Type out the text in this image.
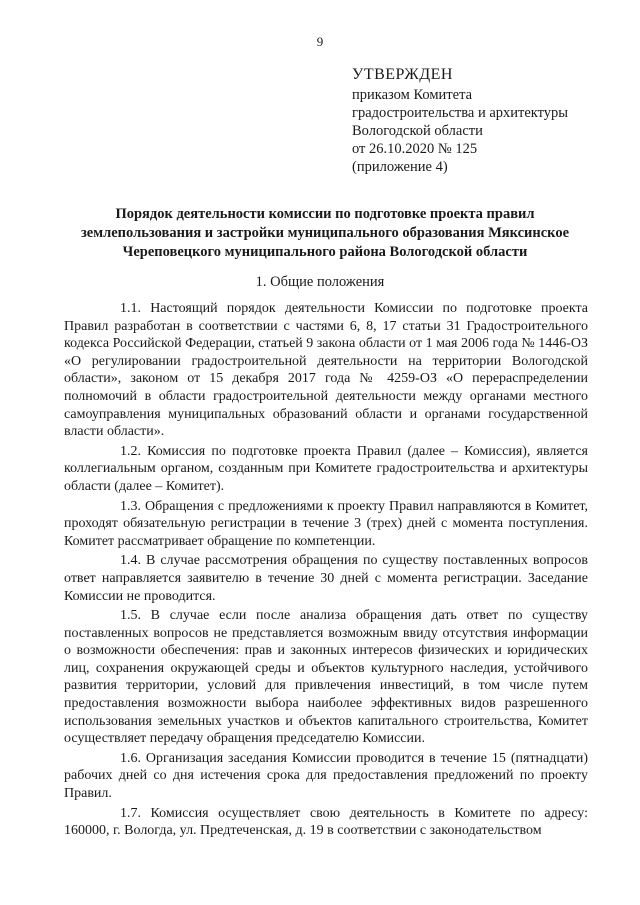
9
УТВЕРЖДЕН
приказом Комитета
градостроительства и архитектуры
Вологодской области
от 26.10.2020 № 125
(приложение 4)
Порядок деятельности комиссии по подготовке проекта правил
землепользования и застройки муниципального образования Мяксинское
Череповецкого муниципального района Вологодской области
1. Общие положения

1.1. Настоящий порядок деятельности Комиссии по подготовке проекта Правил разработан в соответствии с частями 6, 8, 17 статьи 31 Градостроительного кодекса Российской Федерации, статьей 9 закона области от 1 мая 2006 года № 1446-ОЗ «О регулировании градостроительной деятельности на территории Вологодской области», законом от 15 декабря 2017 года № 4259-ОЗ «О перераспределении полномочий в области градостроительной деятельности между органами местного самоуправления муниципальных образований области и органами государственной власти области».

1.2. Комиссия по подготовке проекта Правил (далее – Комиссия), является коллегиальным органом, созданным при Комитете градостроительства и архитектуры области (далее – Комитет).

1.3. Обращения с предложениями к проекту Правил направляются в Комитет, проходят обязательную регистрации в течение 3 (трех) дней с момента поступления. Комитет рассматривает обращение по компетенции.

1.4. В случае рассмотрения обращения по существу поставленных вопросов ответ направляется заявителю в течение 30 дней с момента регистрации. Заседание Комиссии не проводится.

1.5. В случае если после анализа обращения дать ответ по существу поставленных вопросов не представляется возможным ввиду отсутствия информации о возможности обеспечения: прав и законных интересов физических и юридических лиц, сохранения окружающей среды и объектов культурного наследия, устойчивого развития территории, условий для привлечения инвестиций, в том числе путем предоставления возможности выбора наиболее эффективных видов разрешенного использования земельных участков и объектов капитального строительства, Комитет осуществляет передачу обращения председателю Комиссии.

1.6. Организация заседания Комиссии проводится в течение 15 (пятнадцати) рабочих дней со дня истечения срока для предоставления предложений по проекту Правил.

1.7. Комиссия осуществляет свою деятельность в Комитете по адресу: 160000, г. Вологда, ул. Предтеченская, д. 19 в соответствии с законодательством
